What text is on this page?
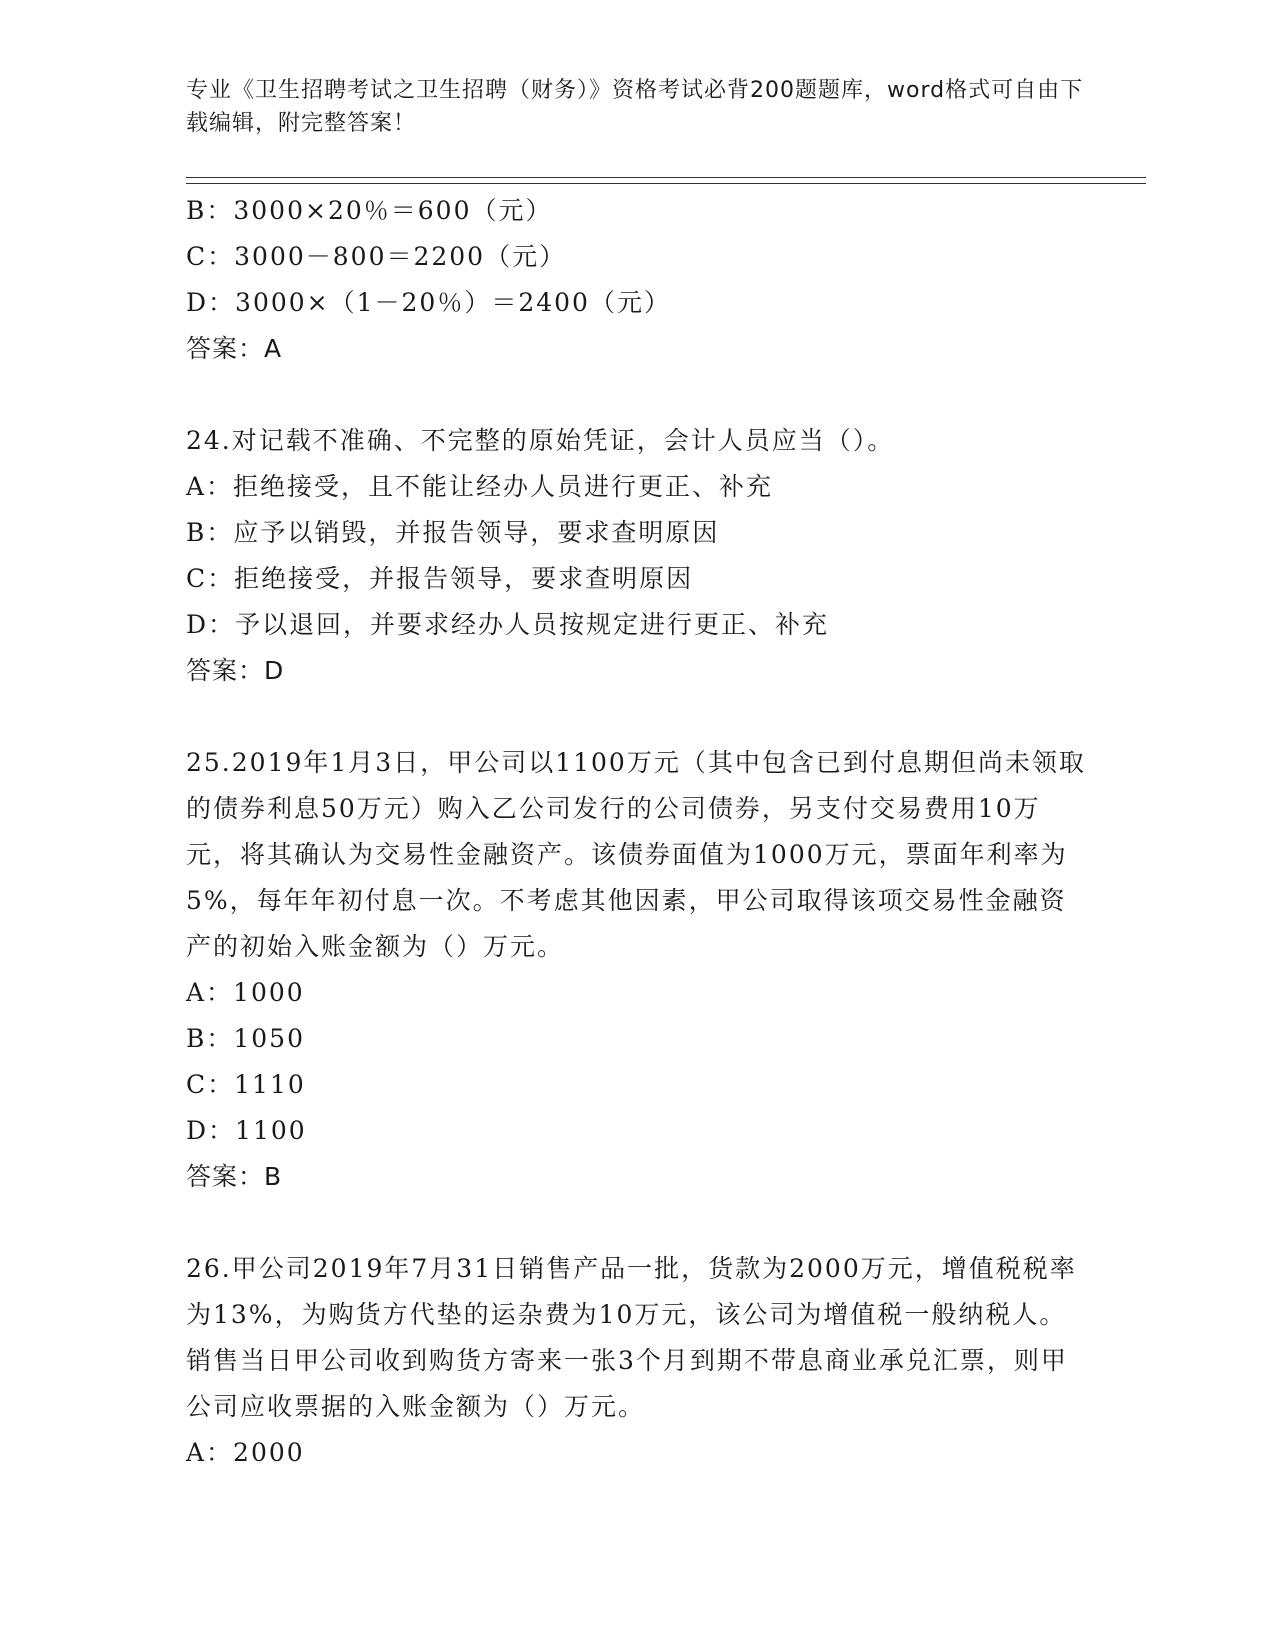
专业《卫生招聘考试之卫生招聘（财务）》资格考试必背200题题库，word格式可自由下载编辑，附完整答案！
B：3000×20％＝600（元）
C：3000－800＝2200（元）
D：3000×（1－20％）＝2400（元）
答案：A
24.对记载不准确、不完整的原始凭证，会计人员应当（）。
A：拒绝接受，且不能让经办人员进行更正、补充
B：应予以销毁，并报告领导，要求查明原因
C：拒绝接受，并报告领导，要求查明原因
D：予以退回，并要求经办人员按规定进行更正、补充
答案：D
25.2019年1月3日，甲公司以1100万元（其中包含已到付息期但尚未领取的债券利息50万元）购入乙公司发行的公司债券，另支付交易费用10万元，将其确认为交易性金融资产。该债券面值为1000万元，票面年利率为5%，每年年初付息一次。不考虑其他因素，甲公司取得该项交易性金融资产的初始入账金额为（）万元。
A：1000
B：1050
C：1110
D：1100
答案：B
26.甲公司2019年7月31日销售产品一批，货款为2000万元，增值税税率为13%，为购货方代垫的运杂费为10万元，该公司为增值税一般纳税人。销售当日甲公司收到购货方寄来一张3个月到期不带息商业承兑汇票，则甲公司应收票据的入账金额为（）万元。
A：2000
